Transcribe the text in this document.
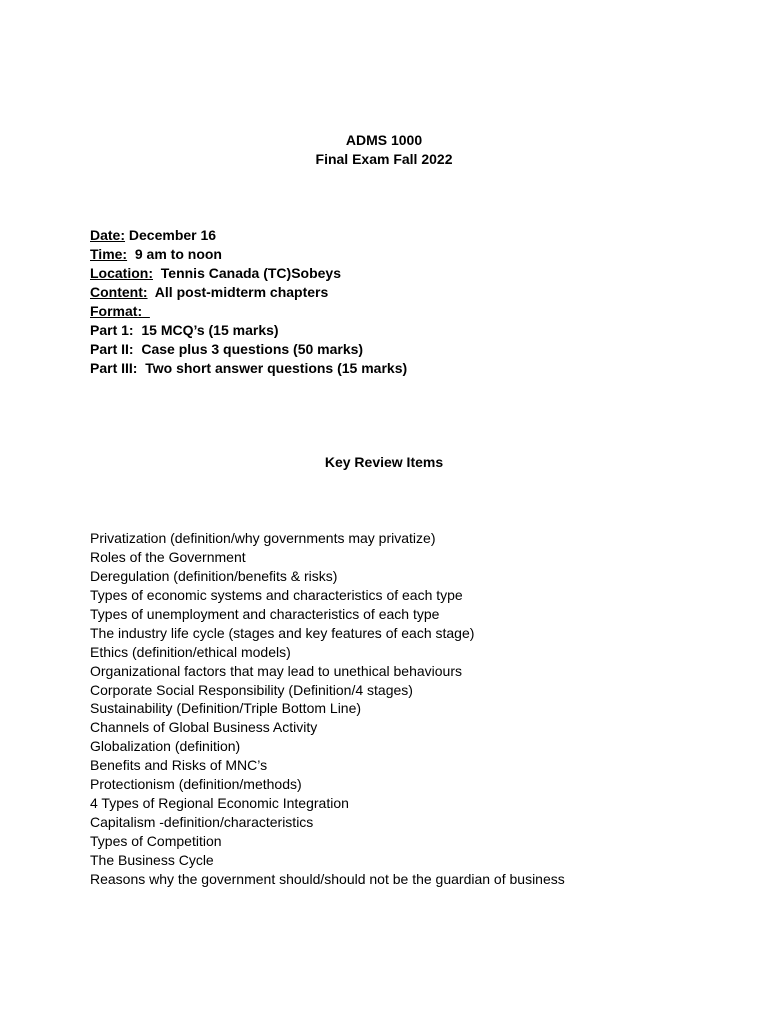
ADMS 1000
Final Exam Fall 2022
Date: December 16
Time:  9 am to noon
Location:  Tennis Canada (TC)Sobeys
Content:  All post-midterm chapters
Format:
Part 1:  15 MCQ’s (15 marks)
Part II:  Case plus 3 questions (50 marks)
Part III:  Two short answer questions (15 marks)
Key Review Items
Privatization (definition/why governments may privatize)
Roles of the Government
Deregulation (definition/benefits & risks)
Types of economic systems and characteristics of each type
Types of unemployment and characteristics of each type
The industry life cycle (stages and key features of each stage)
Ethics (definition/ethical models)
Organizational factors that may lead to unethical behaviours
Corporate Social Responsibility (Definition/4 stages)
Sustainability (Definition/Triple Bottom Line)
Channels of Global Business Activity
Globalization (definition)
Benefits and Risks of MNC’s
Protectionism (definition/methods)
4 Types of Regional Economic Integration
Capitalism -definition/characteristics
Types of Competition
The Business Cycle
Reasons why the government should/should not be the guardian of business
